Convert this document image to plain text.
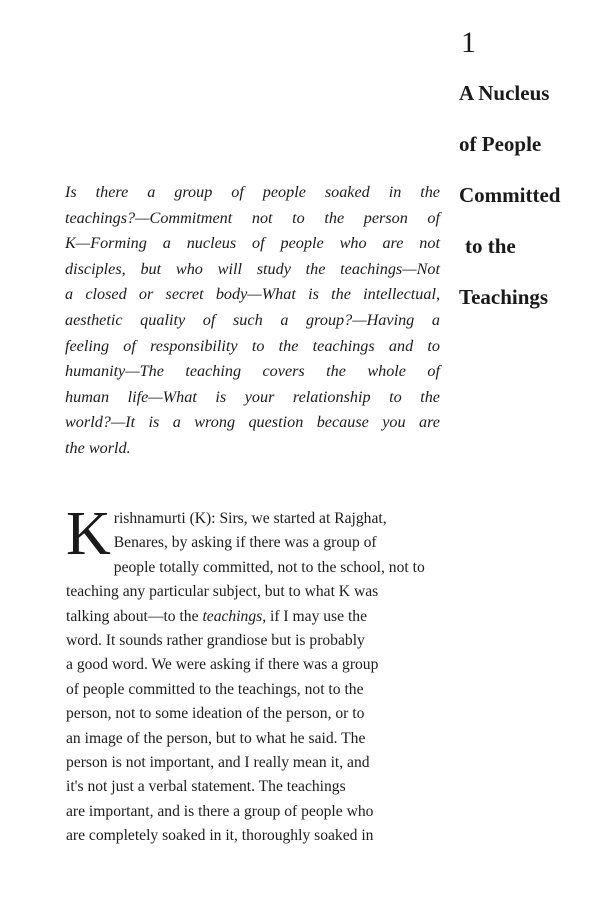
1
A Nucleus
of People
Committed
to the
Teachings
Is there a group of people soaked in the
teachings?—Commitment not to the person of
K—Forming a nucleus of people who are not
disciples, but who will study the teachings—Not
a closed or secret body—What is the intellectual,
aesthetic quality of such a group?—Having a
feeling of responsibility to the teachings and to
humanity—The teaching covers the whole of
human life—What is your relationship to the
world?—It is a wrong question because you are
the world.
K rishnamurti (K): Sirs, we started at Rajghat,
Benares, by asking if there was a group of
people totally committed, not to the school, not to
teaching any particular subject, but to what K was
talking about—to the teachings, if I may use the
word. It sounds rather grandiose but is probably
a good word. We were asking if there was a group
of people committed to the teachings, not to the
person, not to some ideation of the person, or to
an image of the person, but to what he said. The
person is not important, and I really mean it, and
it's not just a verbal statement. The teachings
are important, and is there a group of people who
are completely soaked in it, thoroughly soaked in
